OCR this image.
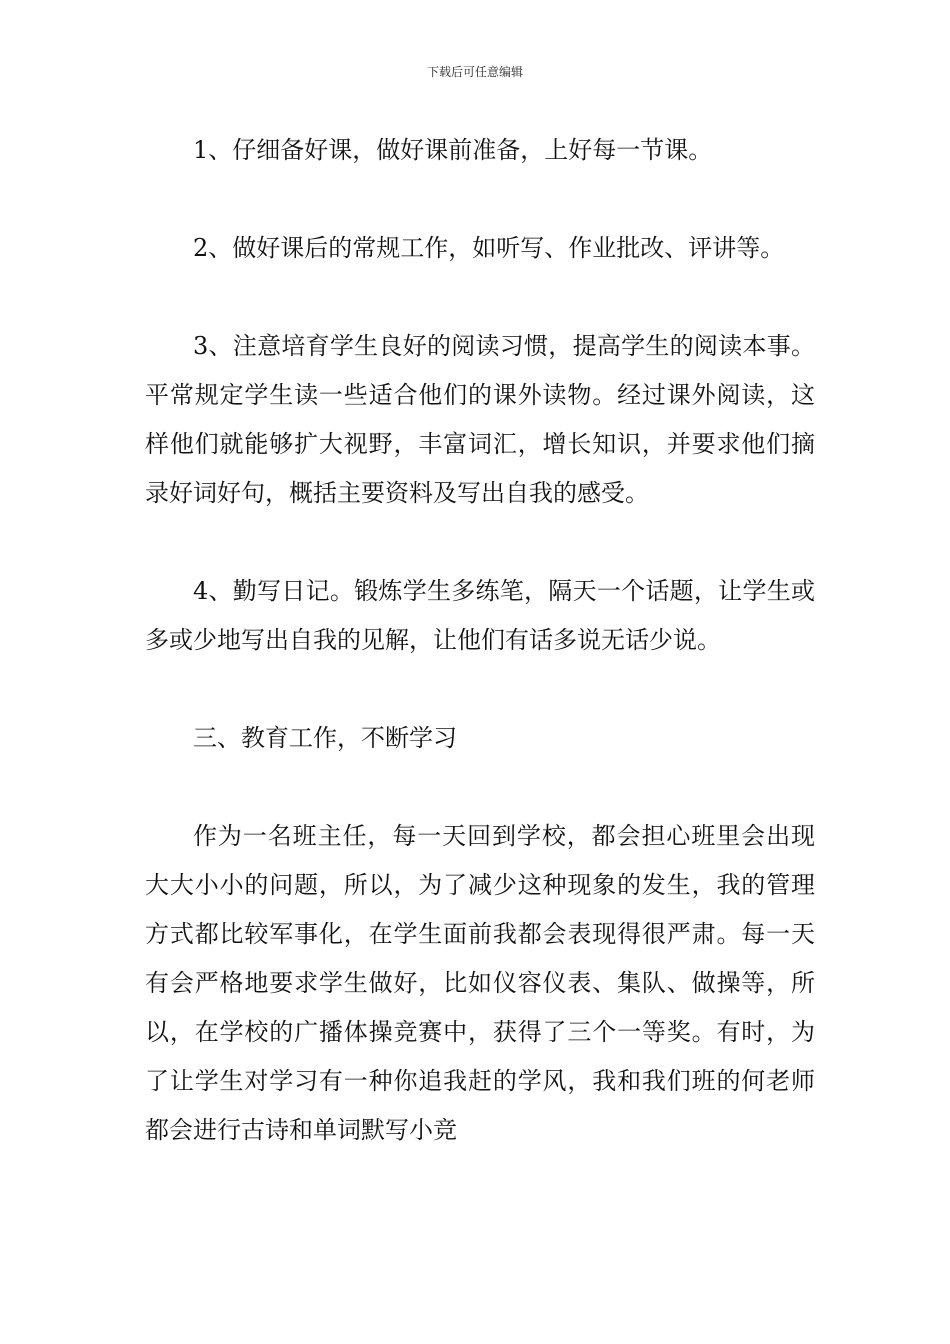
下载后可任意编辑

1、仔细备好课，做好课前准备，上好每一节课。

2、做好课后的常规工作，如听写、作业批改、评讲等。

3、注意培育学生良好的阅读习惯，提高学生的阅读本事。平常规定学生读一些适合他们的课外读物。经过课外阅读，这样他们就能够扩大视野，丰富词汇，增长知识，并要求他们摘录好词好句，概括主要资料及写出自我的感受。

4、勤写日记。锻炼学生多练笔，隔天一个话题，让学生或多或少地写出自我的见解，让他们有话多说无话少说。

三、教育工作，不断学习

作为一名班主任，每一天回到学校，都会担心班里会出现大大小小的问题，所以，为了减少这种现象的发生，我的管理方式都比较军事化，在学生面前我都会表现得很严肃。每一天有会严格地要求学生做好，比如仪容仪表、集队、做操等，所以，在学校的广播体操竞赛中，获得了三个一等奖。有时，为了让学生对学习有一种你追我赶的学风，我和我们班的何老师都会进行古诗和单词默写小竞
